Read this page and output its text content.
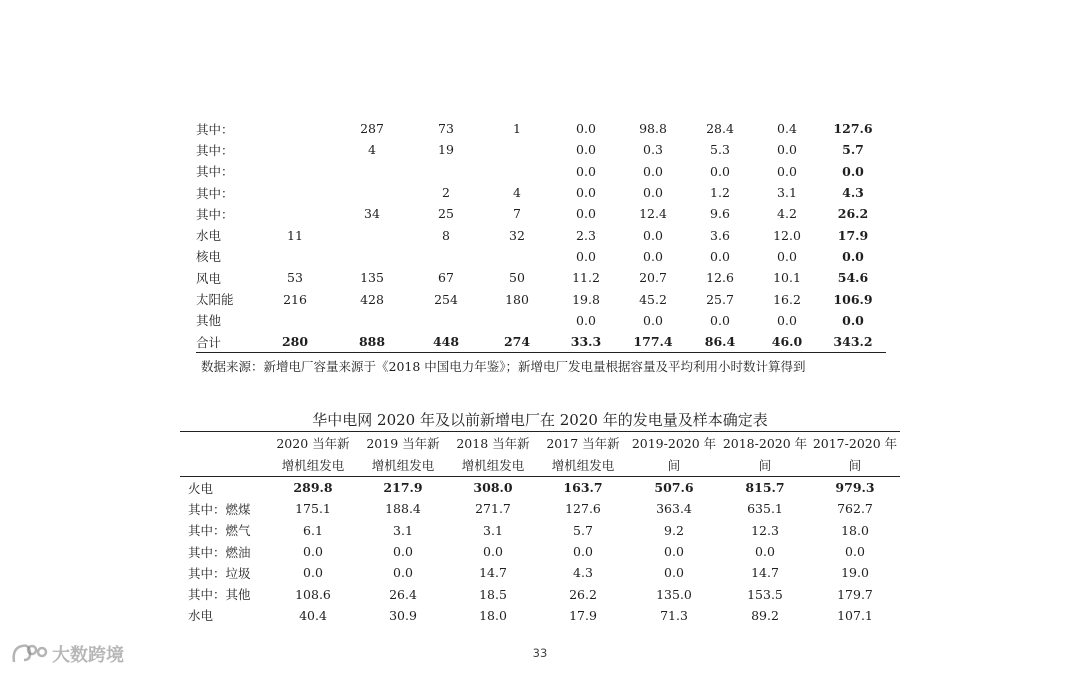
其中：		287	73	1	0.0	98.8	28.4	0.4	127.6	
其中：		4	19		0.0	0.3	5.3	0.0	5.7	
其中：					0.0	0.0	0.0	0.0	0.0	
其中：			2	4	0.0	0.0	1.2	3.1	4.3	
其中：		34	25	7	0.0	12.4	9.6	4.2	26.2	
水电	11		8	32	2.3	0.0	3.6	12.0	17.9	
核电					0.0	0.0	0.0	0.0	0.0	
风电	53	135	67	50	11.2	20.7	12.6	10.1	54.6	
太阳能	216	428	254	180	19.8	45.2	25.7	16.2	106.9	
其他					0.0	0.0	0.0	0.0	0.0	
合计	280	888	448	274	33.3	177.4	86.4	46.0	343.2	
数据来源：新增电厂容量来源于《2018 中国电力年鉴》；新增电厂发电量根据容量及平均利用小时数计算得到
华中电网 2020 年及以前新增电厂在 2020 年的发电量及样本确定表
	2020 当年新	2019 当年新	2018 当年新	2017 当年新	2019-2020 年	2018-2020 年	2017-2020 年
	增机组发电	增机组发电	增机组发电	增机组发电	间	间	间
火电	289.8	217.9	308.0	163.7	507.6	815.7	979.3
其中：燃煤	175.1	188.4	271.7	127.6	363.4	635.1	762.7
其中：燃气	6.1	3.1	3.1	5.7	9.2	12.3	18.0
其中：燃油	0.0	0.0	0.0	0.0	0.0	0.0	0.0
其中：垃圾	0.0	0.0	14.7	4.3	0.0	14.7	19.0
其中：其他	108.6	26.4	18.5	26.2	135.0	153.5	179.7
水电	40.4	30.9	18.0	17.9	71.3	89.2	107.1
33
大数跨境
